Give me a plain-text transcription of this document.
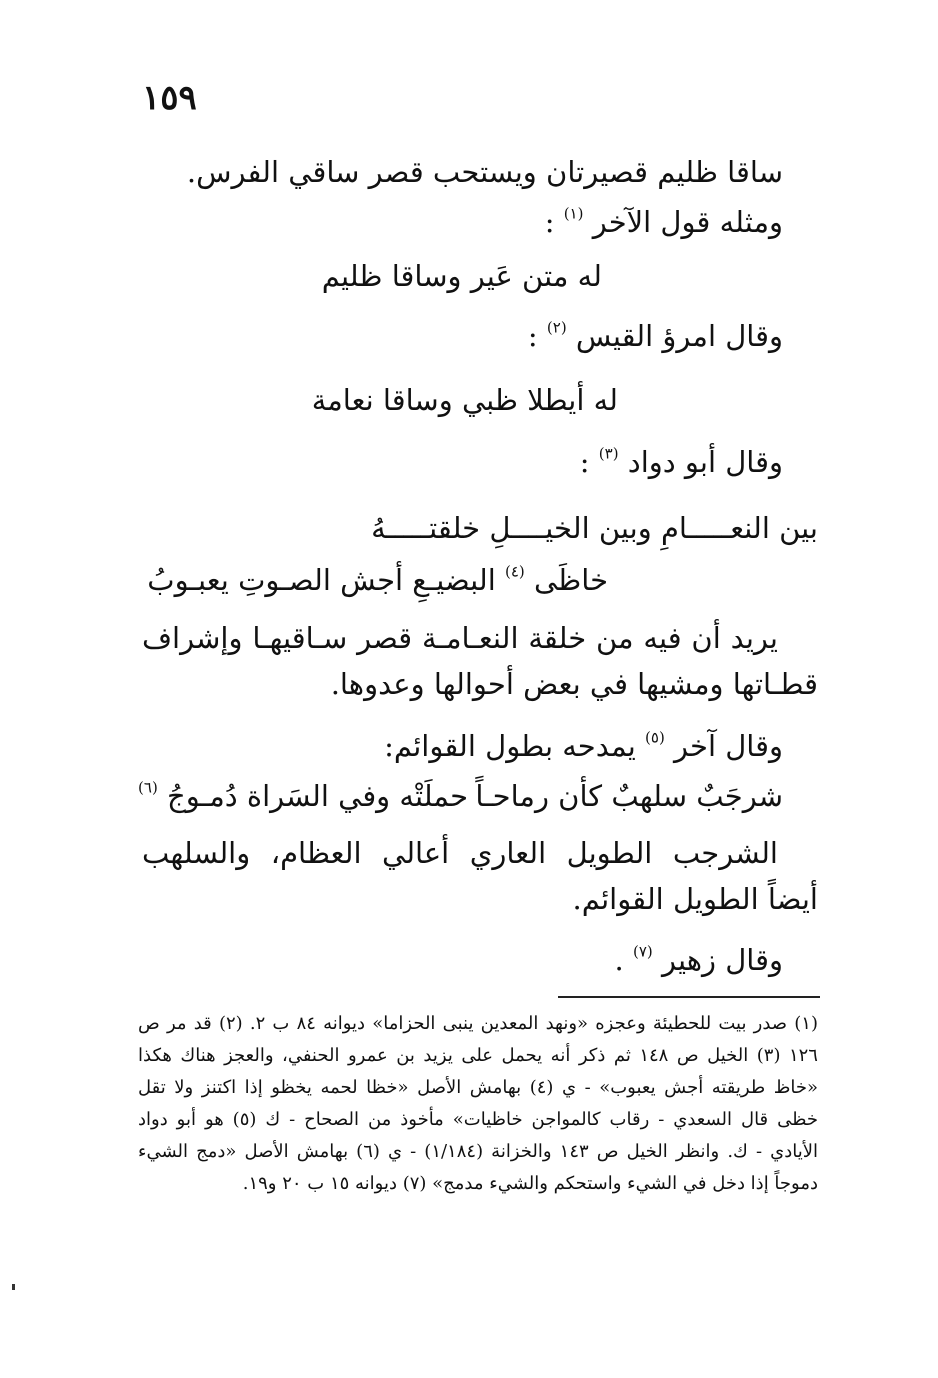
١٥٩
ساقا ظليم قصيرتان ويستحب قصر ساقي الفرس.
ومثله قول الآخر $^{(١)}$ :
له متن عَير وساقا ظليم
وقال امرؤ القيس $^{(٢)}$ :
له أيطلا ظبي وساقا نعامة
وقال أبو دواد $^{(٣)}$ :
بين النعـــــامِ وبين الخيــــلِ خلقتـــــهُ
خاظَى $^{(٤)}$ البضيـعِ أجش الصـوتِ يعبـوبُ
يريد أن فيه من خلقة النعـامـة قصر سـاقيهـا وإشراف قطـاتها ومشيها في بعض أحوالها وعدوها.
وقال آخر $^{(٥)}$ يمدحه بطول القوائم:
شرجَبٌ سلهبٌ كأن رماحـاً
حملَتْه وفي السَراة دُمـوجُ $^{(٦)}$
الشرجب الطويل العاري أعالي العظام، والسلهب أيضاً الطويل القوائم.
وقال زهير $^{(٧)}$ .
(١) صدر بيت للحطيئة وعجزه «ونهد المعدين ينبى الحزاما» ديوانه ٨٤ ب ٢. (٢) قد مر ص ١٢٦ (٣) الخيل ص ١٤٨ ثم ذكر أنه يحمل على يزيد بن عمرو الحنفي، والعجز هناك هكذا «خاظ طريقته أجش يعبوب» - ي (٤) بهامش الأصل «خظا لحمه يخظو إذا اكتنز ولا تقل خظى قال السعدي - رقاب كالمواجن خاظيات» مأخوذ من الصحاح - ك (٥) هو أبو دواد الأيادي - ك. وانظر الخيل ص ١٤٣ والخزانة (١/١٨٤) - ي (٦) بهامش الأصل «دمج الشيء دموجاً إذا دخل في الشيء واستحكم والشيء مدمج» (٧) ديوانه ١٥ ب ٢٠ و١٩.
